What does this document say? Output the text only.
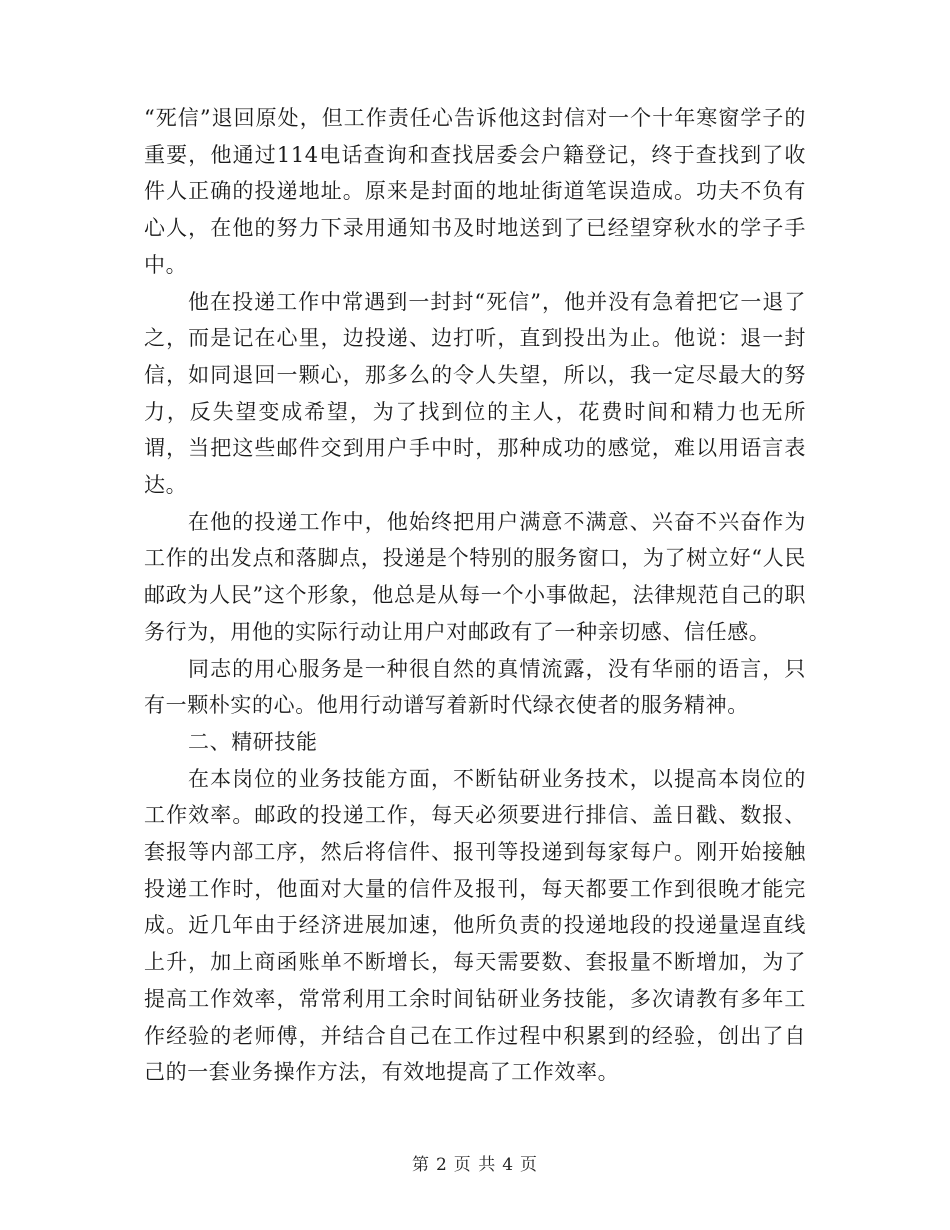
“死信”退回原处，但工作责任心告诉他这封信对一个十年寒窗学子的重要，他通过114电话查询和查找居委会户籍登记，终于查找到了收件人正确的投递地址。原来是封面的地址街道笔误造成。功夫不负有心人，在他的努力下录用通知书及时地送到了已经望穿秋水的学子手中。

他在投递工作中常遇到一封封“死信”，他并没有急着把它一退了之，而是记在心里，边投递、边打听，直到投出为止。他说：退一封信，如同退回一颗心，那多么的令人失望，所以，我一定尽最大的努力，反失望变成希望，为了找到位的主人，花费时间和精力也无所谓，当把这些邮件交到用户手中时，那种成功的感觉，难以用语言表达。

在他的投递工作中，他始终把用户满意不满意、兴奋不兴奋作为工作的出发点和落脚点，投递是个特别的服务窗口，为了树立好“人民邮政为人民”这个形象，他总是从每一个小事做起，法律规范自己的职务行为，用他的实际行动让用户对邮政有了一种亲切感、信任感。

同志的用心服务是一种很自然的真情流露，没有华丽的语言，只有一颗朴实的心。他用行动谱写着新时代绿衣使者的服务精神。

二、精研技能

在本岗位的业务技能方面，不断钻研业务技术，以提高本岗位的工作效率。邮政的投递工作，每天必须要进行排信、盖日戳、数报、套报等内部工序，然后将信件、报刊等投递到每家每户。刚开始接触投递工作时，他面对大量的信件及报刊，每天都要工作到很晚才能完成。近几年由于经济进展加速，他所负责的投递地段的投递量逞直线上升，加上商函账单不断增长，每天需要数、套报量不断增加，为了提高工作效率，常常利用工余时间钻研业务技能，多次请教有多年工作经验的老师傅，并结合自己在工作过程中积累到的经验，创出了自己的一套业务操作方法，有效地提高了工作效率。

第 2 页 共 4 页
